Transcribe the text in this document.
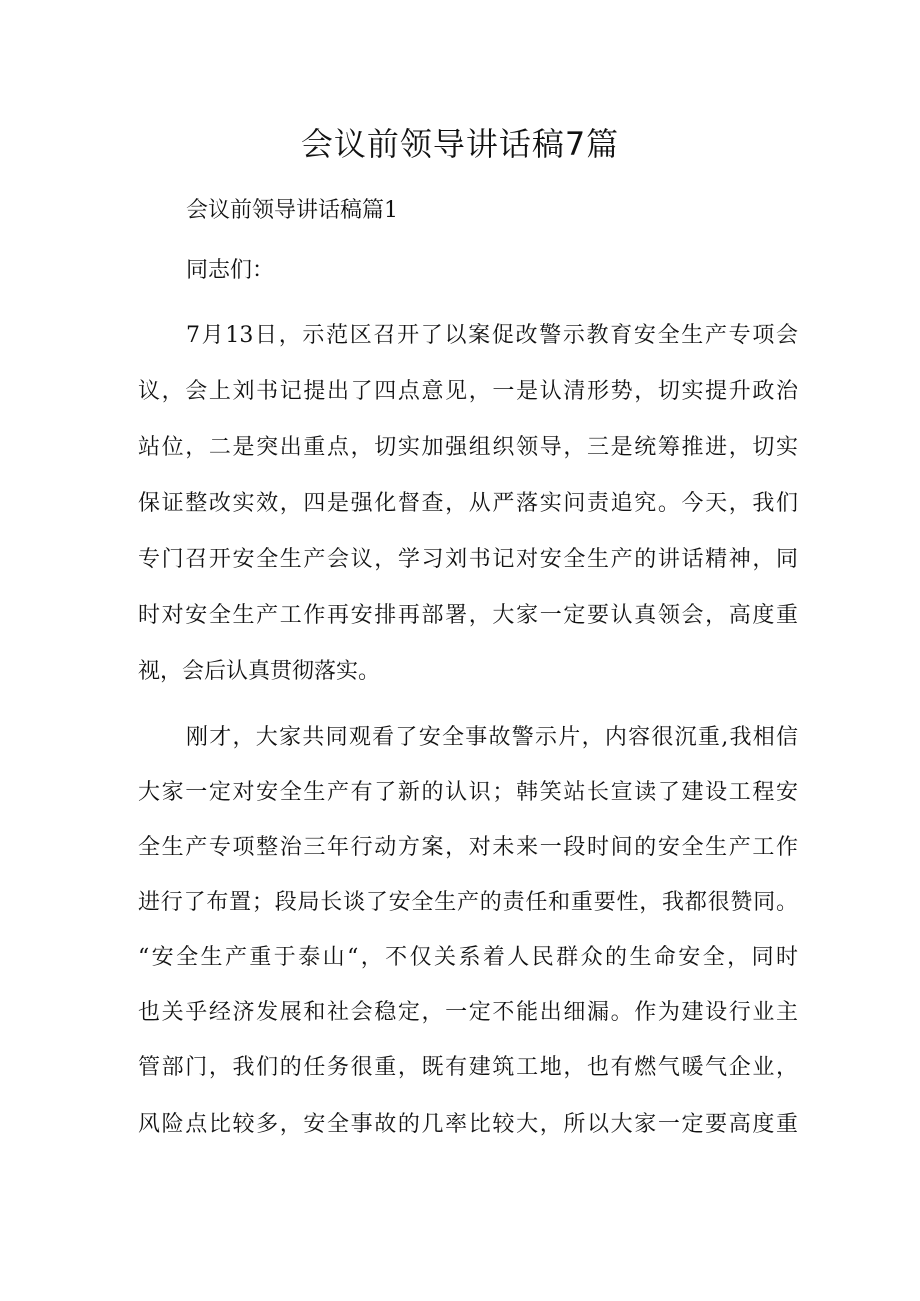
会议前领导讲话稿7篇

会议前领导讲话稿篇1

同志们：

7月13日，示范区召开了以案促改警示教育安全生产专项会

议，会上刘书记提出了四点意见，一是认清形势，切实提升政治

站位，二是突出重点，切实加强组织领导，三是统筹推进，切实

保证整改实效，四是强化督查，从严落实问责追究。今天，我们

专门召开安全生产会议，学习刘书记对安全生产的讲话精神，同

时对安全生产工作再安排再部署，大家一定要认真领会，高度重

视，会后认真贯彻落实。

刚才，大家共同观看了安全事故警示片，内容很沉重,我相信

大家一定对安全生产有了新的认识；韩笑站长宣读了建设工程安

全生产专项整治三年行动方案，对未来一段时间的安全生产工作

进行了布置；段局长谈了安全生产的责任和重要性，我都很赞同。

“安全生产重于泰山“，不仅关系着人民群众的生命安全，同时

也关乎经济发展和社会稳定，一定不能出细漏。作为建设行业主

管部门，我们的任务很重，既有建筑工地，也有燃气暖气企业，

风险点比较多，安全事故的几率比较大，所以大家一定要高度重
